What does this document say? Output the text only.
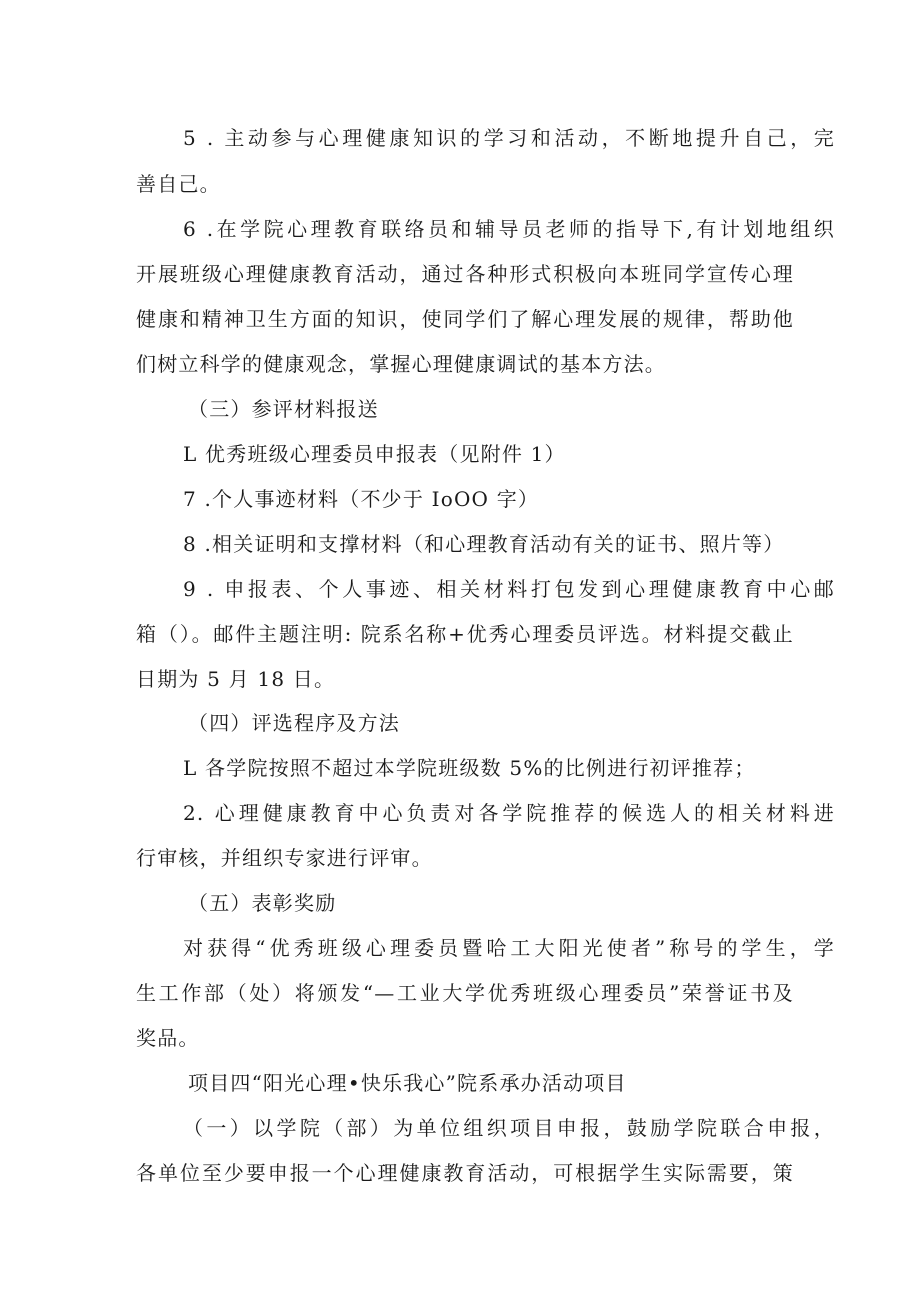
5 . 主动参与心理健康知识的学习和活动，不断地提升自己，完
善自己。
6 .在学院心理教育联络员和辅导员老师的指导下,有计划地组织
开展班级心理健康教育活动，通过各种形式积极向本班同学宣传心理
健康和精神卫生方面的知识，使同学们了解心理发展的规律，帮助他
们树立科学的健康观念，掌握心理健康调试的基本方法。
（三）参评材料报送
L 优秀班级心理委员申报表（见附件 1）
7 .个人事迹材料（不少于 IoOO 字）
8 .相关证明和支撑材料（和心理教育活动有关的证书、照片等）
9 . 申报表、个人事迹、相关材料打包发到心理健康教育中心邮
箱（）。邮件主题注明: 院系名称+优秀心理委员评选。材料提交截止
日期为 5 月 18 日。
（四）评选程序及方法
L 各学院按照不超过本学院班级数 5%的比例进行初评推荐；
2. 心理健康教育中心负责对各学院推荐的候选人的相关材料进
行审核，并组织专家进行评审。
（五）表彰奖励
对获得“优秀班级心理委员暨哈工大阳光使者”称号的学生，学
生工作部（处）将颁发“—工业大学优秀班级心理委员”荣誉证书及
奖品。
项目四“阳光心理•快乐我心”院系承办活动项目
（一）以学院（部）为单位组织项目申报，鼓励学院联合申报，
各单位至少要申报一个心理健康教育活动，可根据学生实际需要，策
